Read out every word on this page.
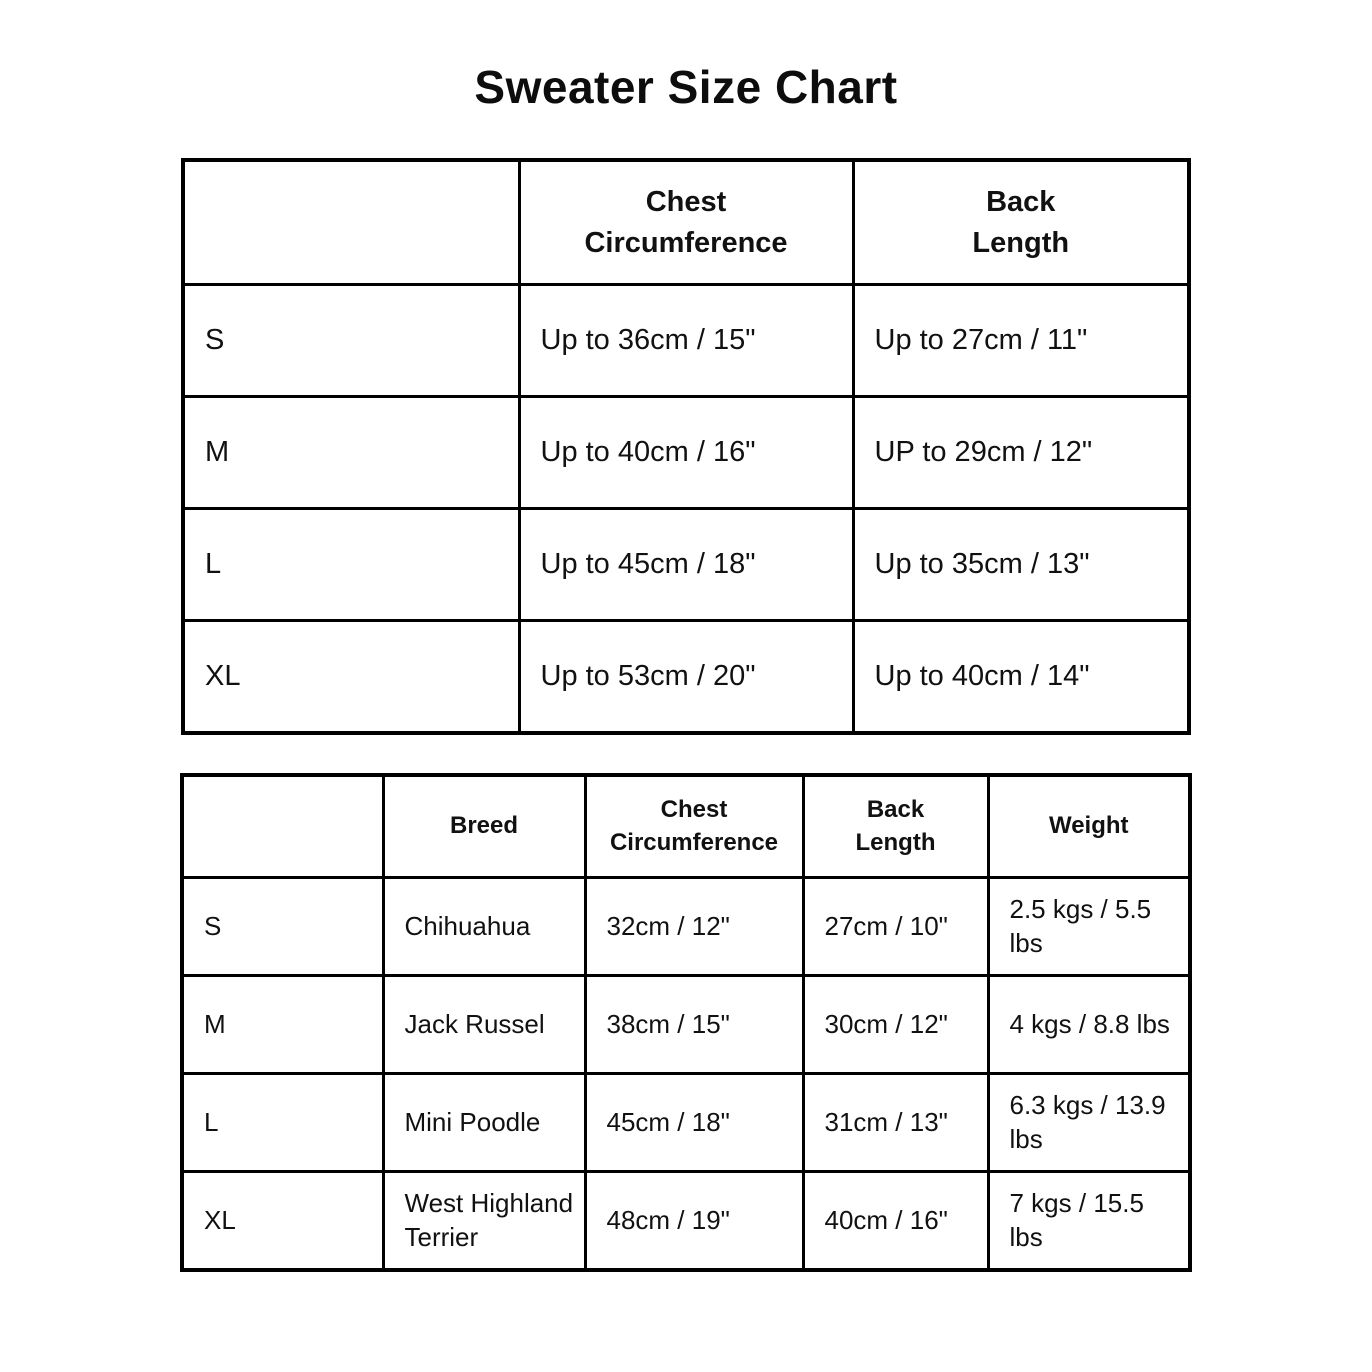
Sweater Size Chart
	Chest Circumference	Back Length
S	Up to 36cm / 15"	Up to 27cm / 11"
M	Up to 40cm / 16"	UP to 29cm / 12"
L	Up to 45cm / 18"	Up to 35cm / 13"
XL	Up to 53cm / 20"	Up to 40cm / 14"
	Breed	Chest Circumference	Back Length	Weight
S	Chihuahua	32cm / 12"	27cm / 10"	2.5 kgs / 5.5 lbs
M	Jack Russel	38cm / 15"	30cm / 12"	4 kgs / 8.8 lbs
L	Mini Poodle	45cm / 18"	31cm / 13"	6.3 kgs / 13.9 lbs
XL	West Highland Terrier	48cm / 19"	40cm / 16"	7 kgs / 15.5 lbs
